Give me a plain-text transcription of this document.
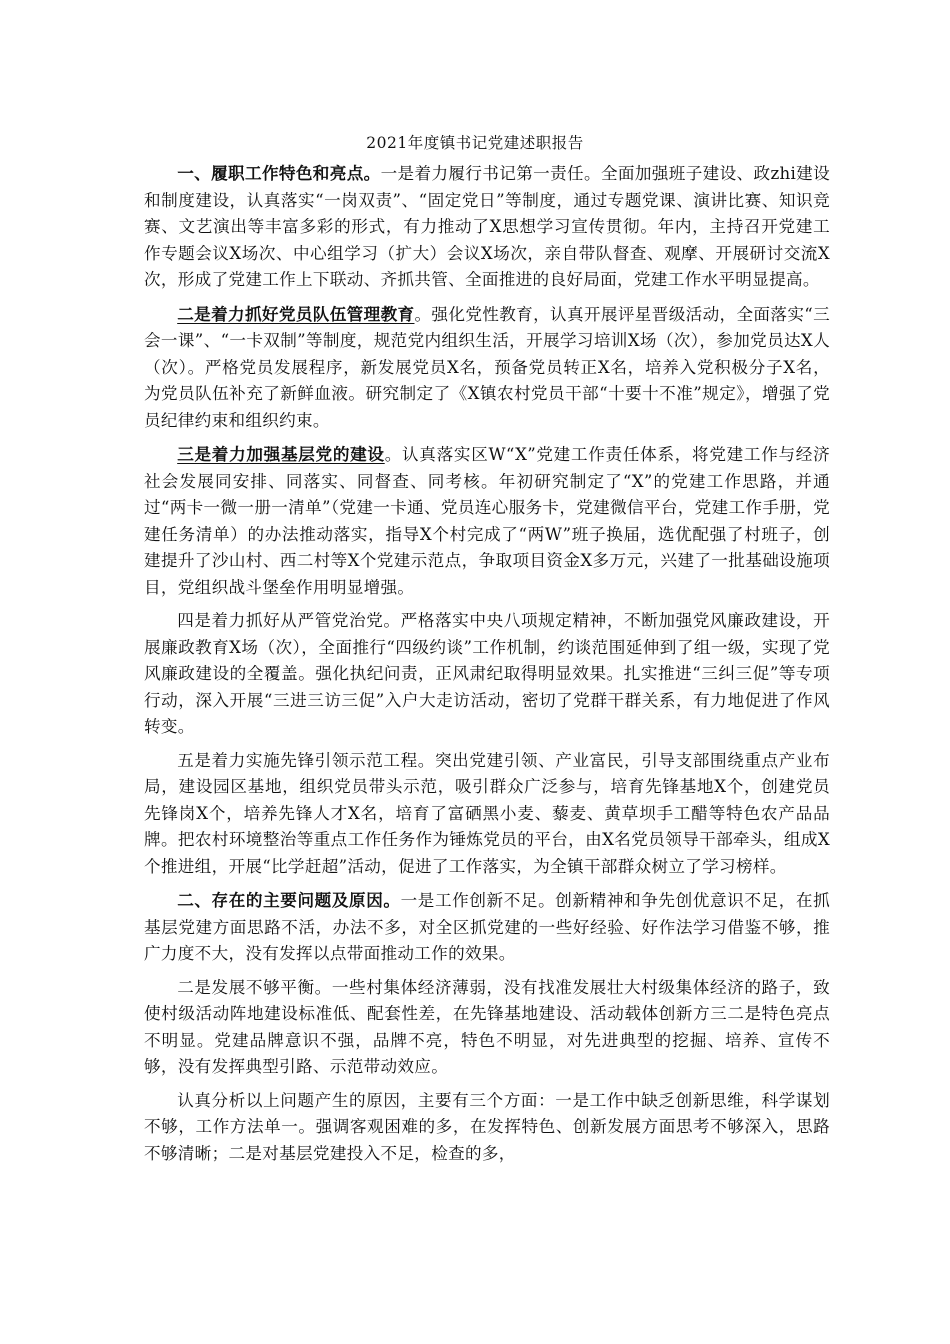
2021年度镇书记党建述职报告

一、履职工作特色和亮点。一是着力履行书记第一责任。全面加强班子建设、政zhi建设和制度建设，认真落实“一岗双责”、“固定党日”等制度，通过专题党课、演讲比赛、知识竞赛、文艺演出等丰富多彩的形式，有力推动了X思想学习宣传贯彻。年内，主持召开党建工作专题会议X场次、中心组学习（扩大）会议X场次，亲自带队督查、观摩、开展研讨交流X次，形成了党建工作上下联动、齐抓共管、全面推进的良好局面，党建工作水平明显提高。

二是着力抓好党员队伍管理教育。强化党性教育，认真开展评星晋级活动，全面落实“三会一课”、“一卡双制”等制度，规范党内组织生活，开展学习培训X场（次），参加党员达X人（次）。严格党员发展程序，新发展党员X名，预备党员转正X名，培养入党积极分子X名，为党员队伍补充了新鲜血液。研究制定了《X镇农村党员干部“十要十不准”规定》，增强了党员纪律约束和组织约束。

三是着力加强基层党的建设。认真落实区W“X”党建工作责任体系，将党建工作与经济社会发展同安排、同落实、同督查、同考核。年初研究制定了“X”的党建工作思路，并通过“两卡一微一册一清单”（党建一卡通、党员连心服务卡，党建微信平台，党建工作手册，党建任务清单）的办法推动落实，指导X个村完成了“两W”班子换届，选优配强了村班子，创建提升了沙山村、西二村等X个党建示范点，争取项目资金X多万元，兴建了一批基础设施项目，党组织战斗堡垒作用明显增强。

四是着力抓好从严管党治党。严格落实中央八项规定精神，不断加强党风廉政建设，开展廉政教育X场（次），全面推行“四级约谈”工作机制，约谈范围延伸到了组一级，实现了党风廉政建设的全覆盖。强化执纪问责，正风肃纪取得明显效果。扎实推进“三纠三促”等专项行动，深入开展“三进三访三促”入户大走访活动，密切了党群干群关系，有力地促进了作风转变。

五是着力实施先锋引领示范工程。突出党建引领、产业富民，引导支部围绕重点产业布局，建设园区基地，组织党员带头示范，吸引群众广泛参与，培育先锋基地X个，创建党员先锋岗X个，培养先锋人才X名，培育了富硒黑小麦、藜麦、黄草坝手工醋等特色农产品品牌。把农村环境整治等重点工作任务作为锤炼党员的平台，由X名党员领导干部牵头，组成X个推进组，开展“比学赶超”活动，促进了工作落实，为全镇干部群众树立了学习榜样。

二、存在的主要问题及原因。一是工作创新不足。创新精神和争先创优意识不足，在抓基层党建方面思路不活，办法不多，对全区抓党建的一些好经验、好作法学习借鉴不够，推广力度不大，没有发挥以点带面推动工作的效果。

二是发展不够平衡。一些村集体经济薄弱，没有找准发展壮大村级集体经济的路子，致使村级活动阵地建设标准低、配套性差，在先锋基地建设、活动载体创新方三二是特色亮点不明显。党建品牌意识不强，品牌不亮，特色不明显，对先进典型的挖掘、培养、宣传不够，没有发挥典型引路、示范带动效应。

认真分析以上问题产生的原因，主要有三个方面：一是工作中缺乏创新思维，科学谋划不够，工作方法单一。强调客观困难的多，在发挥特色、创新发展方面思考不够深入，思路不够清晰；二是对基层党建投入不足，检查的多，
